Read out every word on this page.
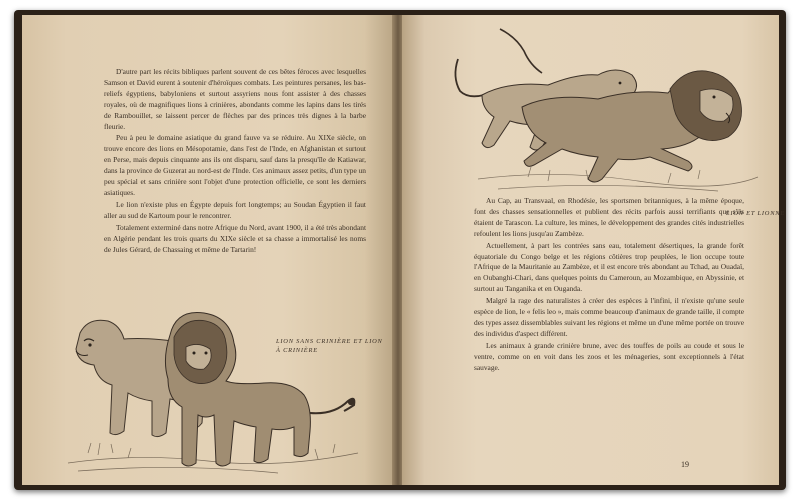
D'autre part les récits bibliques parlent souvent de ces bêtes féroces avec lesquelles Samson et David eurent à soutenir d'héroïques combats. Les peintures persanes, les bas-reliefs égyptiens, babyloniens et surtout assyriens nous font assister à des chasses royales, où de magnifiques lions à crinières, abondants comme les lapins dans les tirés de Rambouillet, se laissent percer de flèches par des princes très dignes à la barbe fleurie.

Peu à peu le domaine asiatique du grand fauve va se réduire. Au XIXe siècle, on trouve encore des lions en Mésopotamie, dans l'est de l'Inde, en Afghanistan et surtout en Perse, mais depuis cinquante ans ils ont disparu, sauf dans la presqu'île de Katiawar, dans la province de Guzerat au nord-est de l'Inde. Ces animaux assez petits, d'un type un peu spécial et sans crinière sont l'objet d'une protection officielle, ce sont les derniers asiatiques.

Le lion n'existe plus en Égypte depuis fort longtemps; au Soudan Égyptien il faut aller au sud de Kartoum pour le rencontrer.

Totalement exterminé dans notre Afrique du Nord, avant 1900, il a été très abondant en Algérie pendant les trois quarts du XIXe siècle et sa chasse a immortalisé les noms de Jules Gérard, de Chassaing et même de Tartarin!

LION SANS CRINIÈRE ET LION À CRINIÈRE
LION ET LIONNE

Au Cap, au Transvaal, en Rhodésie, les sportsmen britanniques, à la même époque, font des chasses sensationnelles et publient des récits parfois aussi terrifiants que s'ils étaient de Tarascon. La culture, les mines, le développement des grandes cités industrielles refoulent les lions jusqu'au Zambèze.

Actuellement, à part les contrées sans eau, totalement désertiques, la grande forêt équatoriale du Congo belge et les régions côtières trop peuplées, le lion occupe toute l'Afrique de la Mauritanie au Zambèze, et il est encore très abondant au Tchad, au Ouadaï, en Oubanghi-Chari, dans quelques points du Cameroun, au Mozambique, en Abyssinie, et surtout au Tanganika et en Ouganda.

Malgré la rage des naturalistes à créer des espèces à l'infini, il n'existe qu'une seule espèce de lion, le « felis leo », mais comme beaucoup d'animaux de grande taille, il compte des types assez dissemblables suivant les régions et même un d'une même portée on trouve des individus d'aspect différent.

Les animaux à grande crinière brune, avec des touffes de poils au coude et sous le ventre, comme on en voit dans les zoos et les ménageries, sont exceptionnels à l'état sauvage.

19
